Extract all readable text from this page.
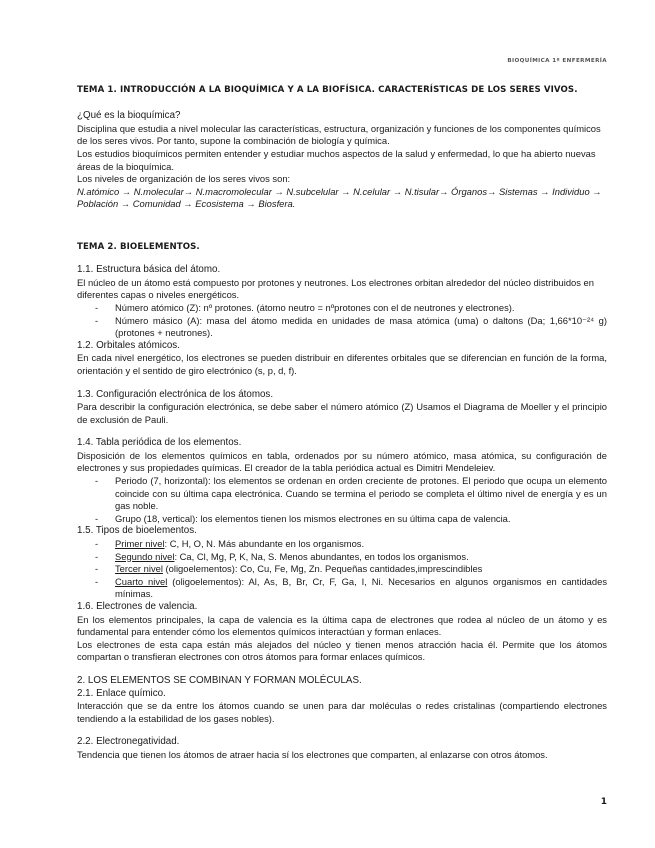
BIOQUÍMICA 1º ENFERMERÍA
TEMA 1. INTRODUCCIÓN A LA BIOQUÍMICA Y A LA BIOFÍSICA. CARACTERÍSTICAS DE LOS SERES VIVOS.

¿Qué es la bioquímica?

Disciplina que estudia a nivel molecular las características, estructura, organización y funciones de los componentes químicos de los seres vivos. Por tanto, supone la combinación de biología y química.

Los estudios bioquímicos permiten entender y estudiar muchos aspectos de la salud y enfermedad, lo que ha abierto nuevas áreas de la bioquímica.

Los niveles de organización de los seres vivos son:

N.atómico → N.molecular→ N.macromolecular → N.subcelular → N.celular → N.tisular→ Órganos→ Sistemas → Individuo → Población → Comunidad → Ecosistema → Biosfera.

TEMA 2. BIOELEMENTOS.

1.1. Estructura básica del átomo.

El núcleo de un átomo está compuesto por protones y neutrones. Los electrones orbitan alrededor del núcleo distribuidos en diferentes capas o niveles energéticos.

- Número atómico (Z): nº protones. (átomo neutro = nºprotones con el de neutrones y electrones).
- Número másico (A): masa del átomo medida en unidades de masa atómica (uma) o daltons (Da; 1,66*10⁻²⁴ g) (protones + neutrones).

1.2. Orbitales atómicos.

En cada nivel energético, los electrones se pueden distribuir en diferentes orbitales que se diferencian en función de la forma, orientación y el sentido de giro electrónico (s, p, d, f).

1.3. Configuración electrónica de los átomos.

Para describir la configuración electrónica, se debe saber el número atómico (Z) Usamos el Diagrama de Moeller y el principio de exclusión de Pauli.

1.4. Tabla periódica de los elementos.

Disposición de los elementos químicos en tabla, ordenados por su número atómico, masa atómica, su configuración de electrones y sus propiedades químicas. El creador de la tabla periódica actual es Dimitri Mendeleiev.

- Periodo (7, horizontal): los elementos se ordenan en orden creciente de protones. El periodo que ocupa un elemento coincide con su última capa electrónica. Cuando se termina el periodo se completa el último nivel de energía y es un gas noble.
- Grupo (18, vertical): los elementos tienen los mismos electrones en su última capa de valencia.

1.5. Tipos de bioelementos.

- Primer nivel: C, H, O, N. Más abundante en los organismos.
- Segundo nivel: Ca, Cl, Mg, P, K, Na, S. Menos abundantes, en todos los organismos.
- Tercer nivel (oligoelementos): Co, Cu, Fe, Mg, Zn. Pequeñas cantidades,imprescindibles
- Cuarto nivel (oligoelementos): Al, As, B, Br, Cr, F, Ga, I, Ni. Necesarios en algunos organismos en cantidades mínimas.

1.6. Electrones de valencia.

En los elementos principales, la capa de valencia es la última capa de electrones que rodea al núcleo de un átomo y es fundamental para entender cómo los elementos químicos interactúan y forman enlaces.

Los electrones de esta capa están más alejados del núcleo y tienen menos atracción hacia él. Permite que los átomos compartan o transfieran electrones con otros átomos para formar enlaces químicos.

2. LOS ELEMENTOS SE COMBINAN Y FORMAN MOLÉCULAS.

2.1. Enlace químico.

Interacción que se da entre los átomos cuando se unen para dar moléculas o redes cristalinas (compartiendo electrones tendiendo a la estabilidad de los gases nobles).

2.2. Electronegatividad.

Tendencia que tienen los átomos de atraer hacia sí los electrones que comparten, al enlazarse con otros átomos.

1
